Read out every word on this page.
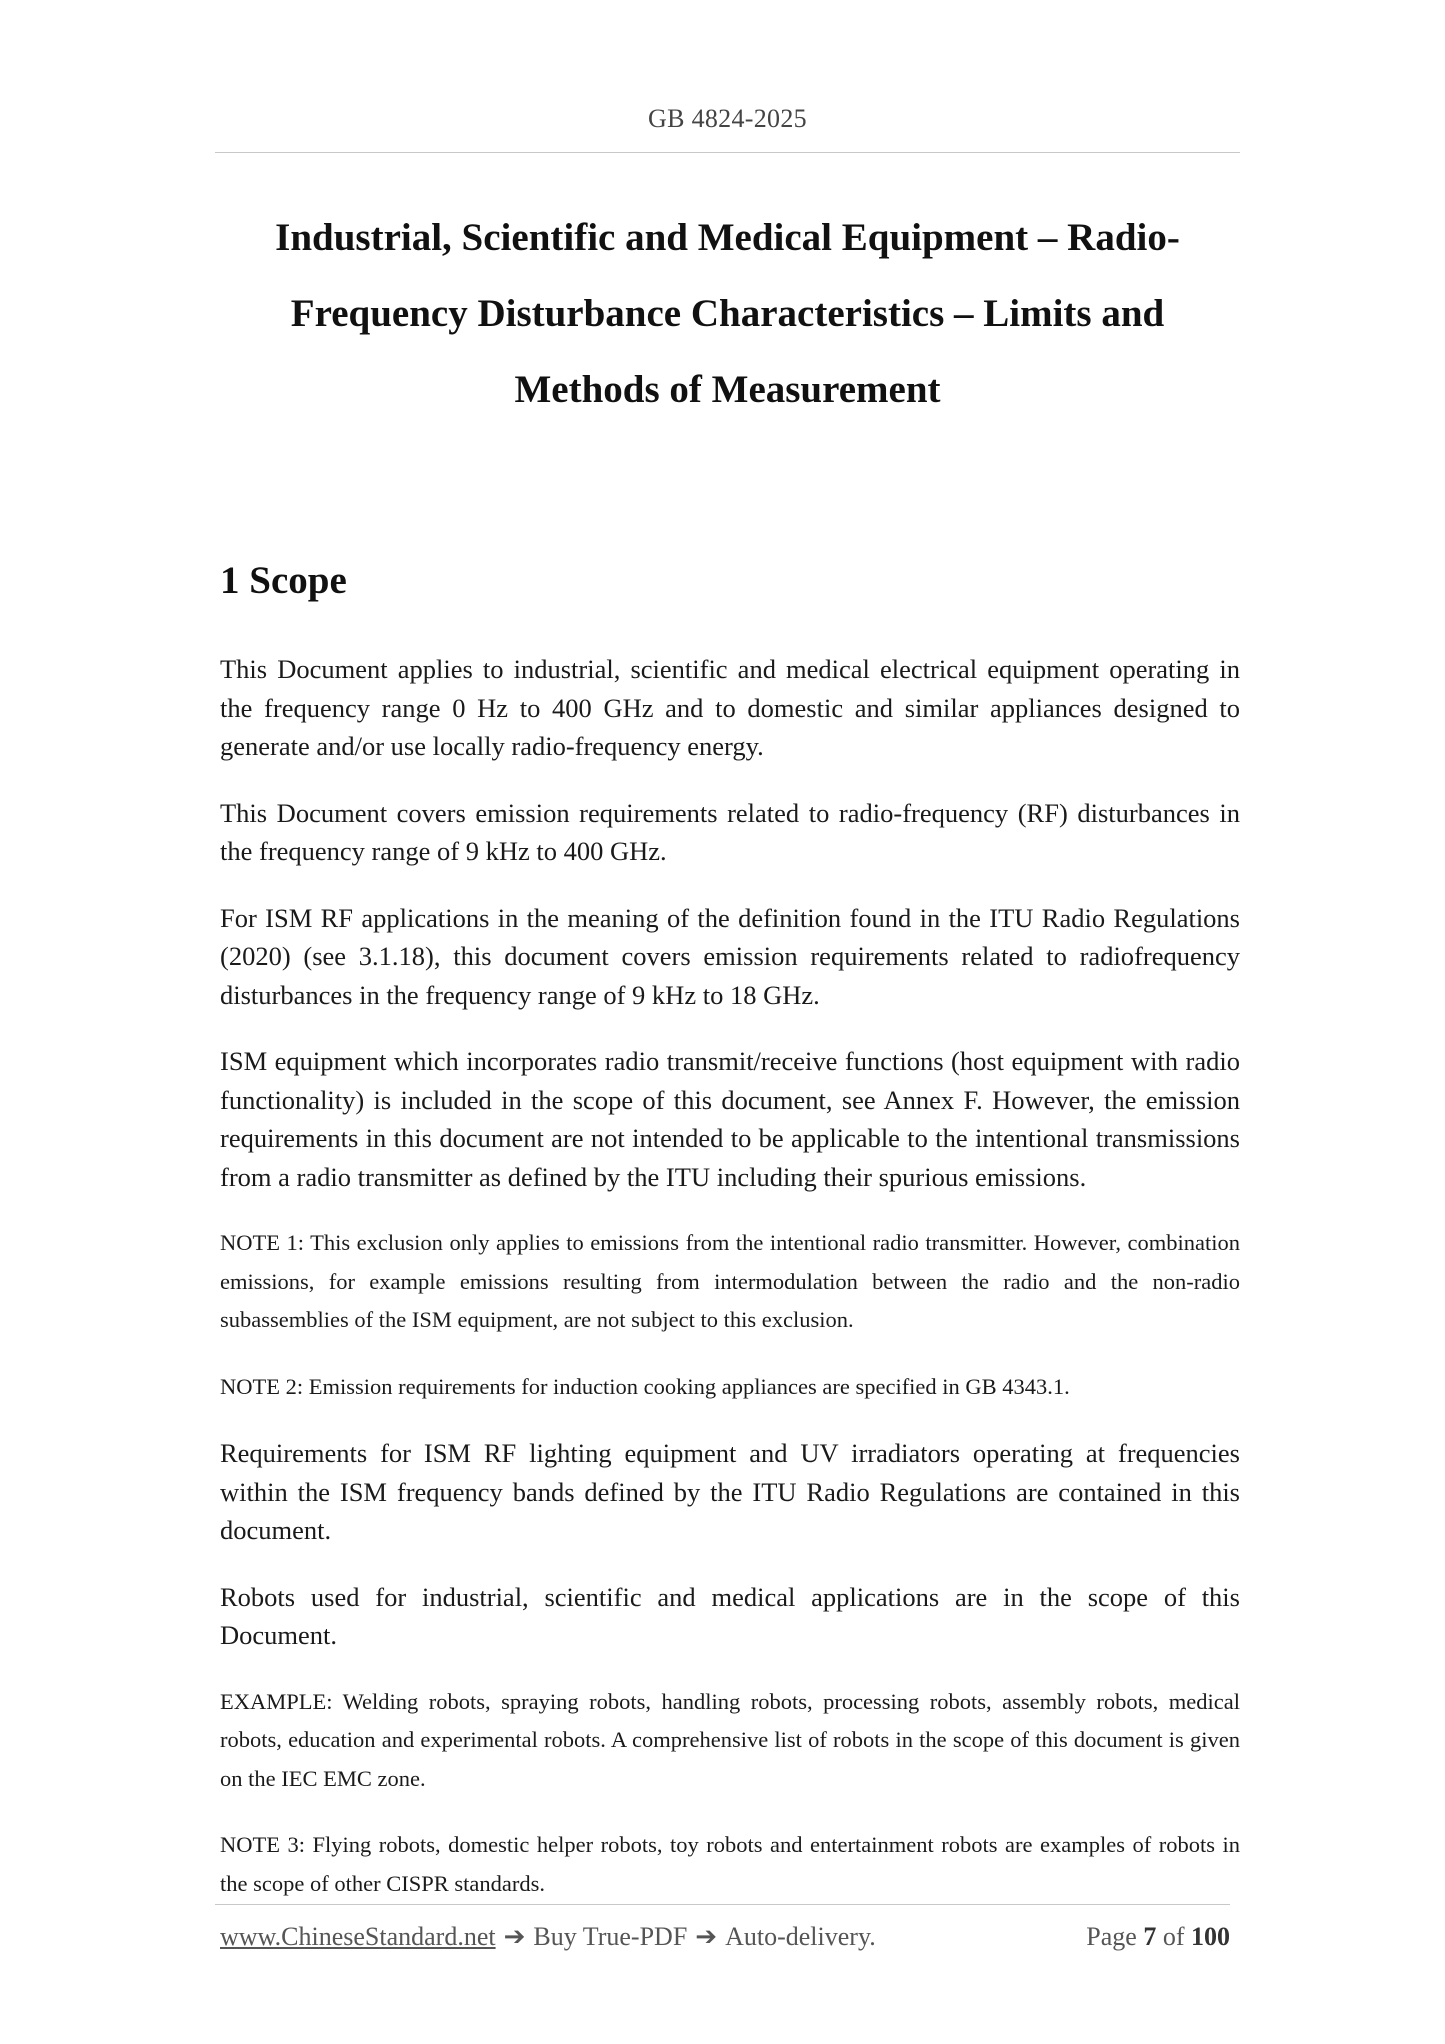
GB 4824-2025
Industrial, Scientific and Medical Equipment – Radio-
Frequency Disturbance Characteristics – Limits and
Methods of Measurement
1 Scope

This Document applies to industrial, scientific and medical electrical equipment operating in the frequency range 0 Hz to 400 GHz and to domestic and similar appliances designed to generate and/or use locally radio-frequency energy.

This Document covers emission requirements related to radio-frequency (RF) disturbances in the frequency range of 9 kHz to 400 GHz.

For ISM RF applications in the meaning of the definition found in the ITU Radio Regulations (2020) (see 3.1.18), this document covers emission requirements related to radiofrequency disturbances in the frequency range of 9 kHz to 18 GHz.

ISM equipment which incorporates radio transmit/receive functions (host equipment with radio functionality) is included in the scope of this document, see Annex F. However, the emission requirements in this document are not intended to be applicable to the intentional transmissions from a radio transmitter as defined by the ITU including their spurious emissions.

NOTE 1: This exclusion only applies to emissions from the intentional radio transmitter. However, combination emissions, for example emissions resulting from intermodulation between the radio and the non-radio subassemblies of the ISM equipment, are not subject to this exclusion.

NOTE 2: Emission requirements for induction cooking appliances are specified in GB 4343.1.

Requirements for ISM RF lighting equipment and UV irradiators operating at frequencies within the ISM frequency bands defined by the ITU Radio Regulations are contained in this document.

Robots used for industrial, scientific and medical applications are in the scope of this Document.

EXAMPLE: Welding robots, spraying robots, handling robots, processing robots, assembly robots, medical robots, education and experimental robots. A comprehensive list of robots in the scope of this document is given on the IEC EMC zone.

NOTE 3: Flying robots, domestic helper robots, toy robots and entertainment robots are examples of robots in the scope of other CISPR standards.

www.ChineseStandard.net ➔ Buy True-PDF ➔ Auto-delivery.	Page 7 of 100
